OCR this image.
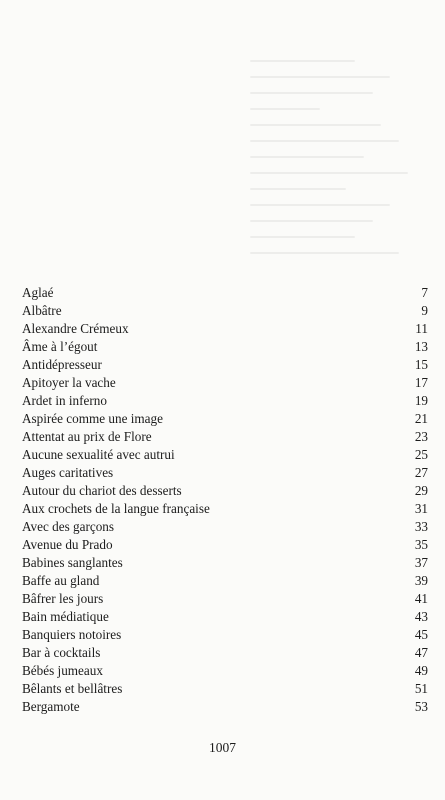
Aglaé	7
Albâtre	9
Alexandre Crémeux	11
Âme à l’égout	13
Antidépresseur	15
Apitoyer la vache	17
Ardet in inferno	19
Aspirée comme une image	21
Attentat au prix de Flore	23
Aucune sexualité avec autrui	25
Auges caritatives	27
Autour du chariot des desserts	29
Aux crochets de la langue française	31
Avec des garçons	33
Avenue du Prado	35
Babines sanglantes	37
Baffe au gland	39
Bâfrer les jours	41
Bain médiatique	43
Banquiers notoires	45
Bar à cocktails	47
Bébés jumeaux	49
Bêlants et bellâtres	51
Bergamote	53
1007
